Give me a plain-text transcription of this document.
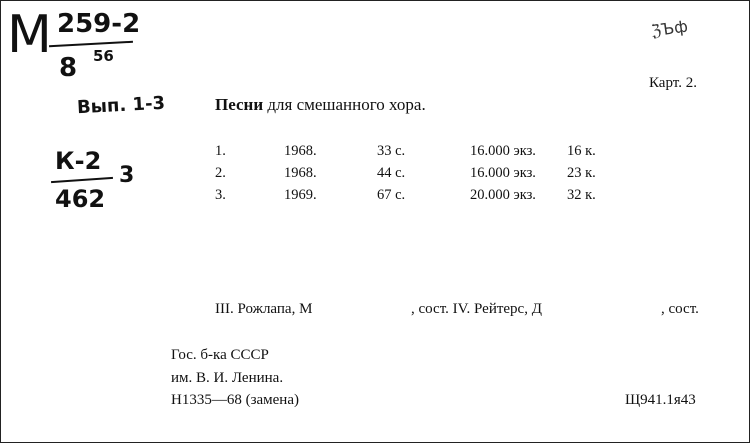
М 259-2
8 56
Вып. 1-3
К-2
462
3
ℨЪф
Карт. 2.
Песни для смешанного хора.
1.	1968.	33 с.	16.000 экз. 16 к.
2.	1968.	44 с.	16.000 экз. 23 к.
3.	1969.	67 с.	20.000 экз. 32 к.
III. Рожлапа, М	, сост. IV. Рейтерс, Д	, сост.
Гос. б-ка СССР
им. В. И. Ленина.
Н1335—68 (замена)	Щ941.1я43
